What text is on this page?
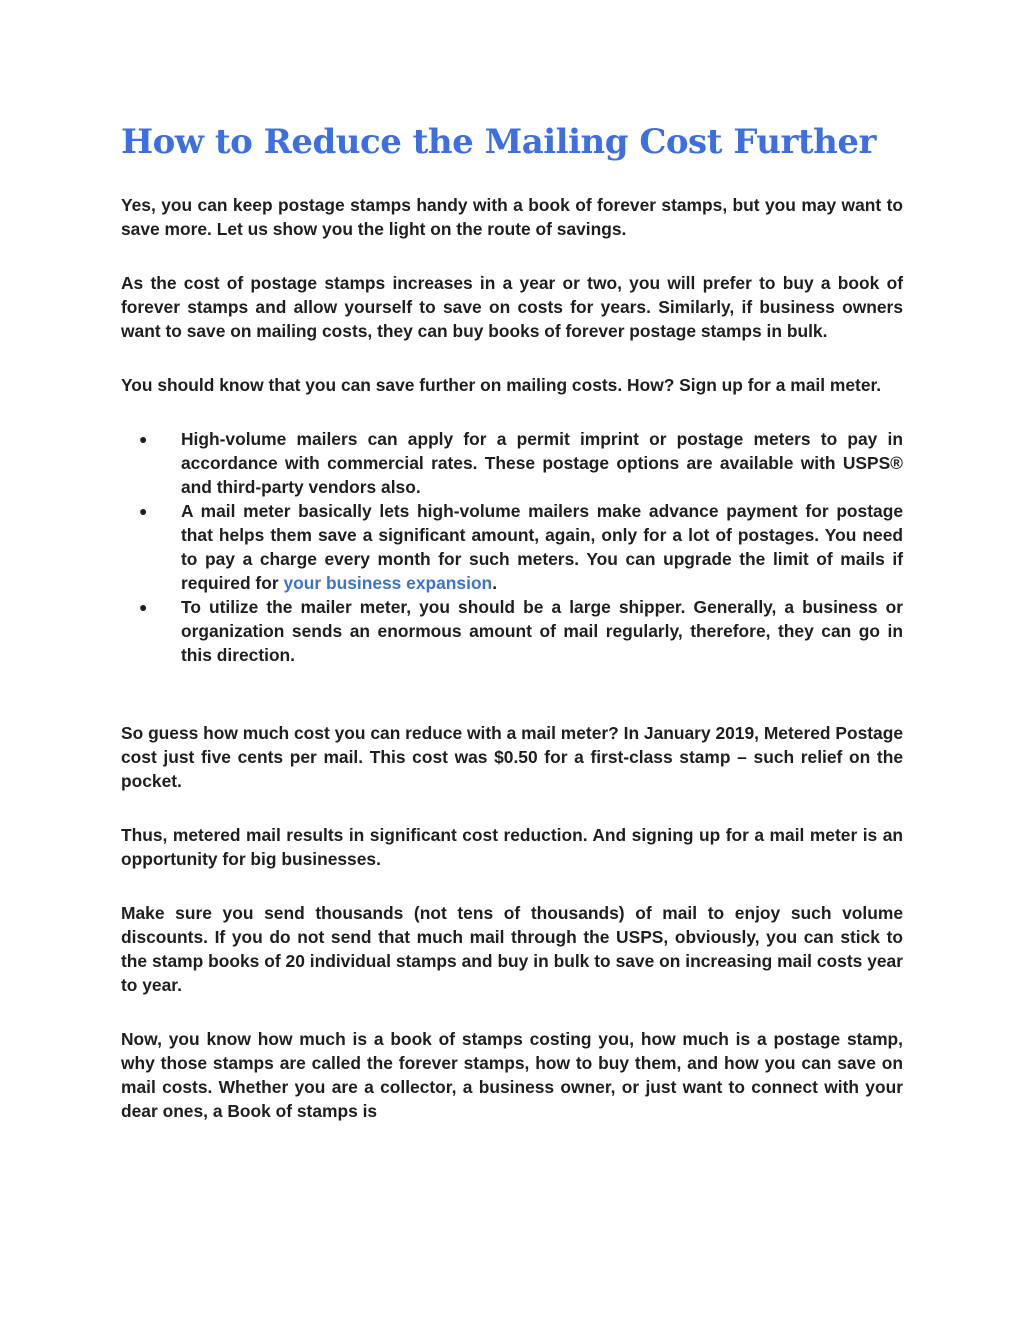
How to Reduce the Mailing Cost Further

Yes, you can keep postage stamps handy with a book of forever stamps, but you may want to save more. Let us show you the light on the route of savings.

As the cost of postage stamps increases in a year or two, you will prefer to buy a book of forever stamps and allow yourself to save on costs for years. Similarly, if business owners want to save on mailing costs, they can buy books of forever postage stamps in bulk.

You should know that you can save further on mailing costs. How? Sign up for a mail meter.

● High-volume mailers can apply for a permit imprint or postage meters to pay in accordance with commercial rates. These postage options are available with USPS® and third-party vendors also.
● A mail meter basically lets high-volume mailers make advance payment for postage that helps them save a significant amount, again, only for a lot of postages. You need to pay a charge every month for such meters. You can upgrade the limit of mails if required for your business expansion.
● To utilize the mailer meter, you should be a large shipper. Generally, a business or organization sends an enormous amount of mail regularly, therefore, they can go in this direction.

So guess how much cost you can reduce with a mail meter? In January 2019, Metered Postage cost just five cents per mail. This cost was $0.50 for a first-class stamp – such relief on the pocket.

Thus, metered mail results in significant cost reduction. And signing up for a mail meter is an opportunity for big businesses.

Make sure you send thousands (not tens of thousands) of mail to enjoy such volume discounts. If you do not send that much mail through the USPS, obviously, you can stick to the stamp books of 20 individual stamps and buy in bulk to save on increasing mail costs year to year.

Now, you know how much is a book of stamps costing you, how much is a postage stamp, why those stamps are called the forever stamps, how to buy them, and how you can save on mail costs. Whether you are a collector, a business owner, or just want to connect with your dear ones, a Book of stamps is
